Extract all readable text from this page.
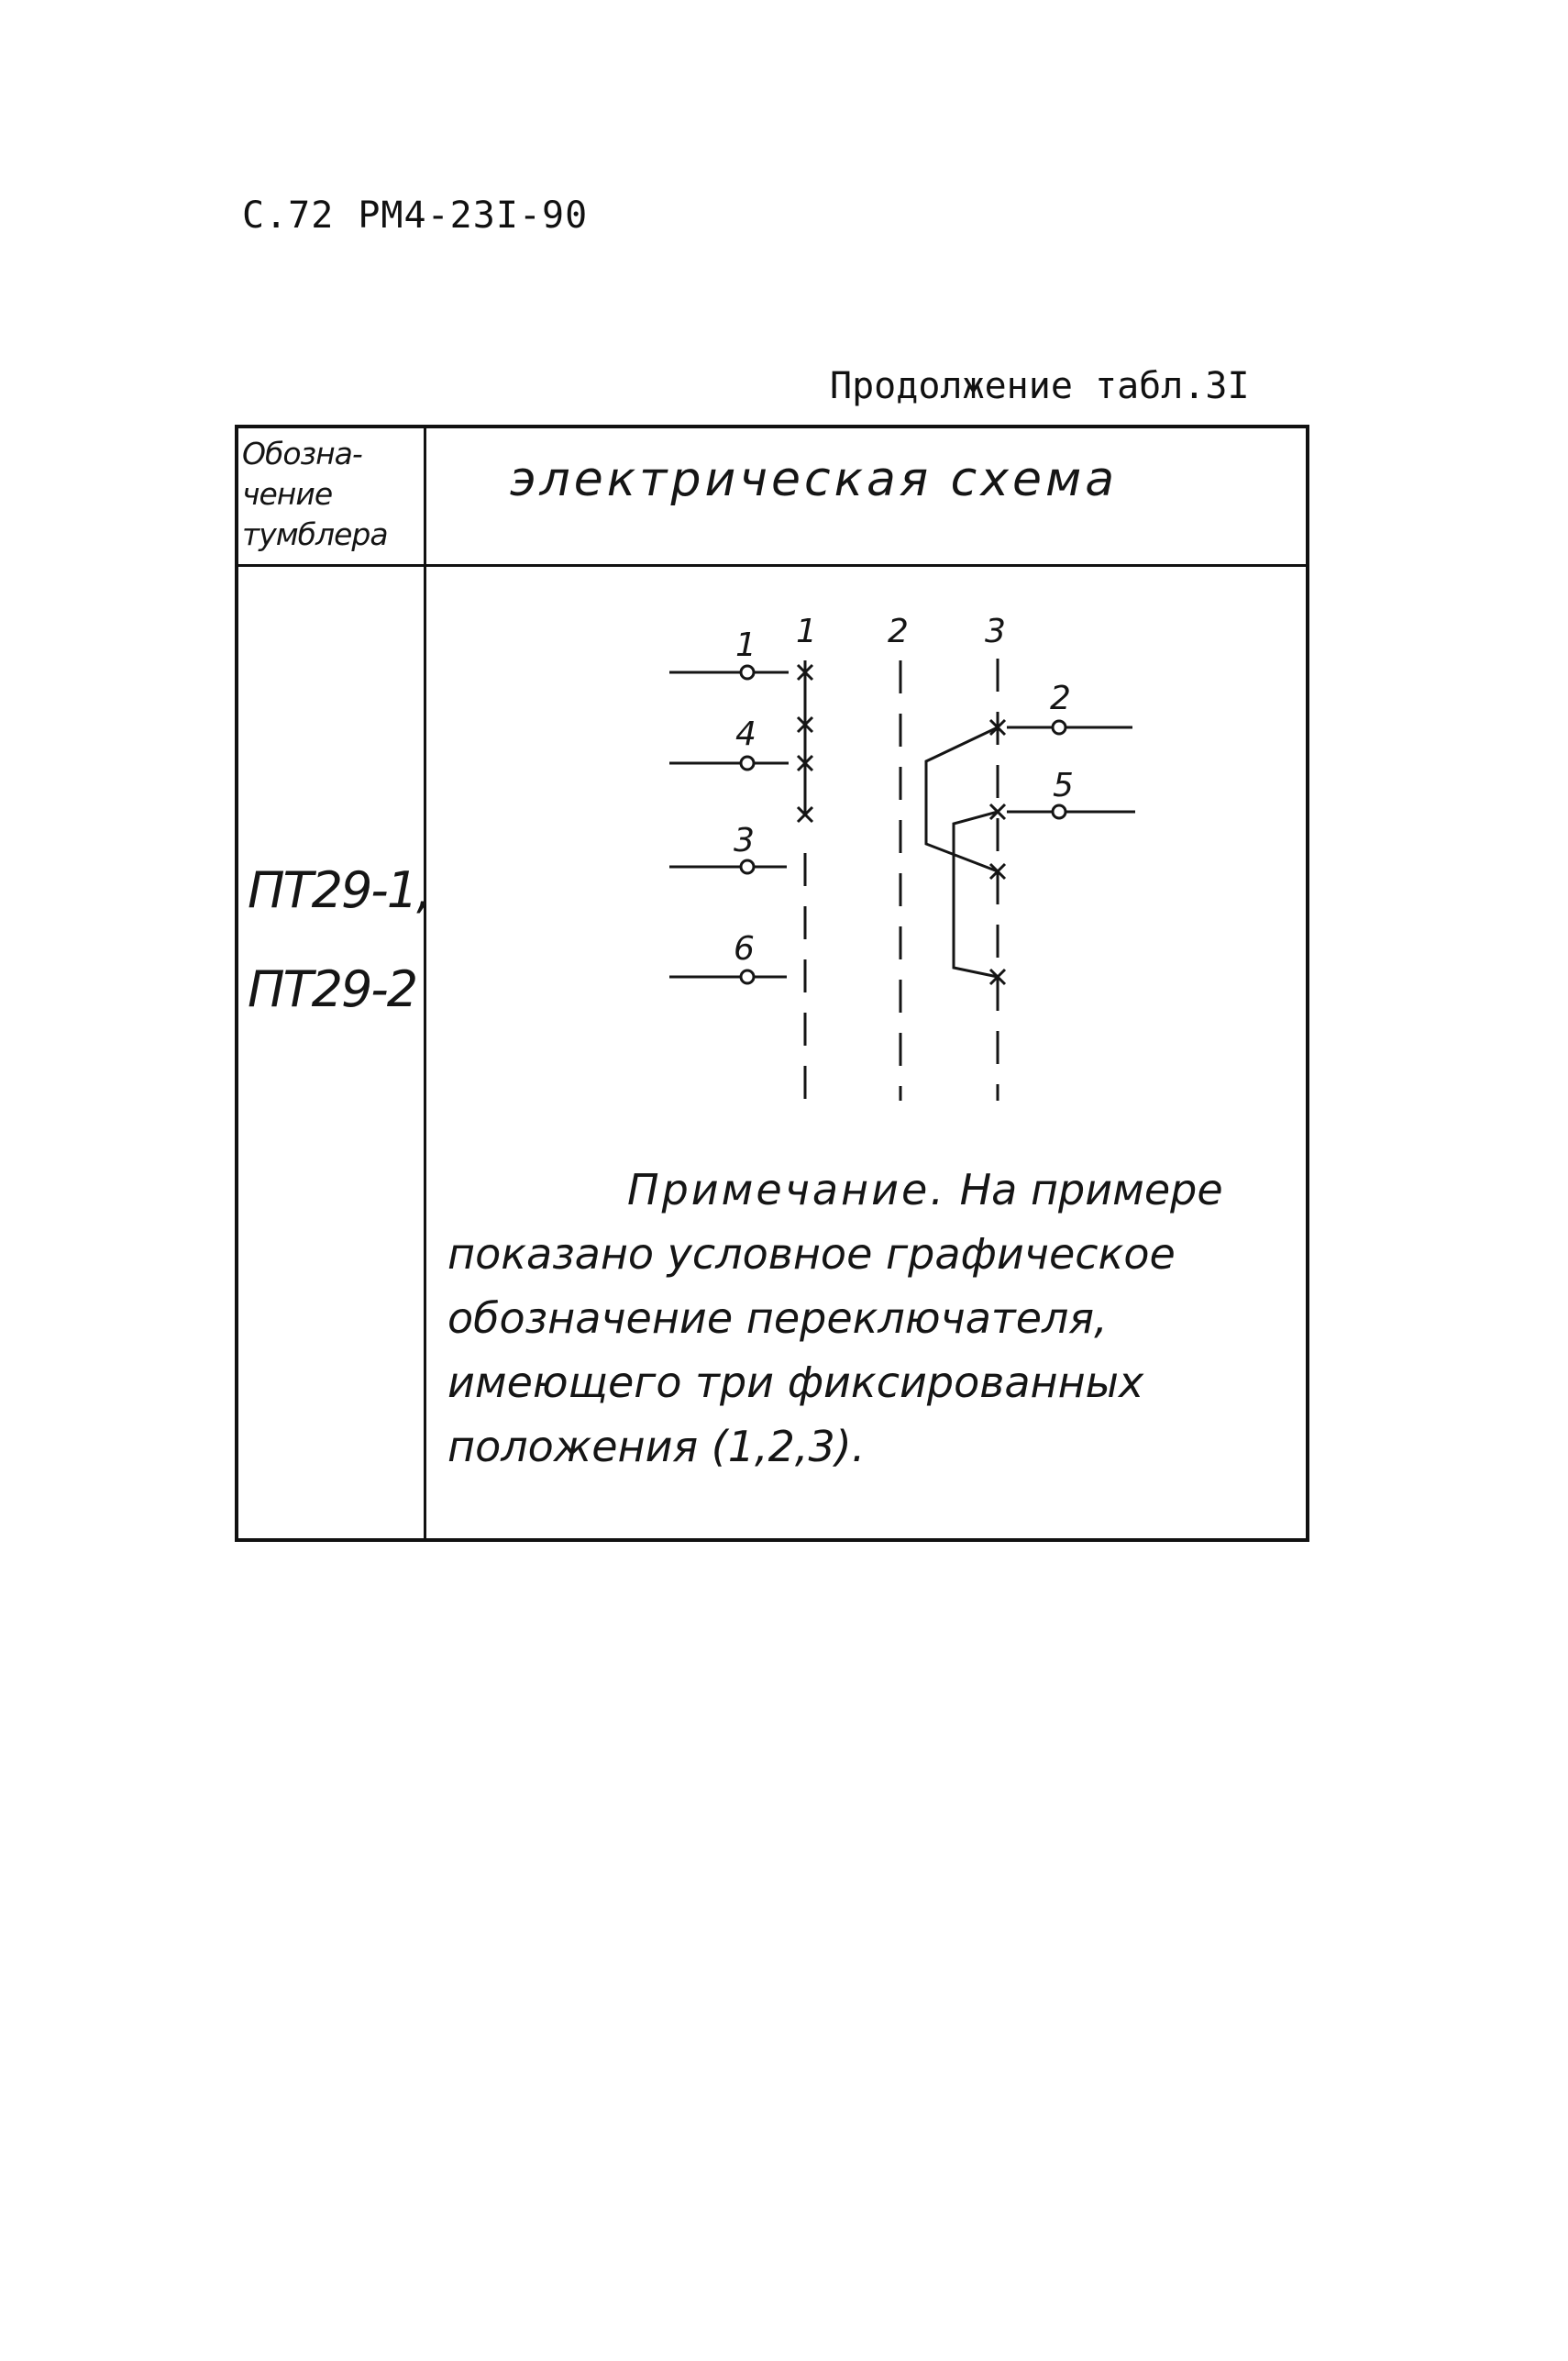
С.72 РМ4-23I-90
Продолжение табл.3I
Обозна-
чение
тумблера
электрическая схема
ПТ29-1,
ПТ29-2
Примечание. На примере
показано условное графическое
обозначение переключателя,
имеющего три фиксированных
положения (1,2,3).
1 2 3
1
4
3
6
2
5
